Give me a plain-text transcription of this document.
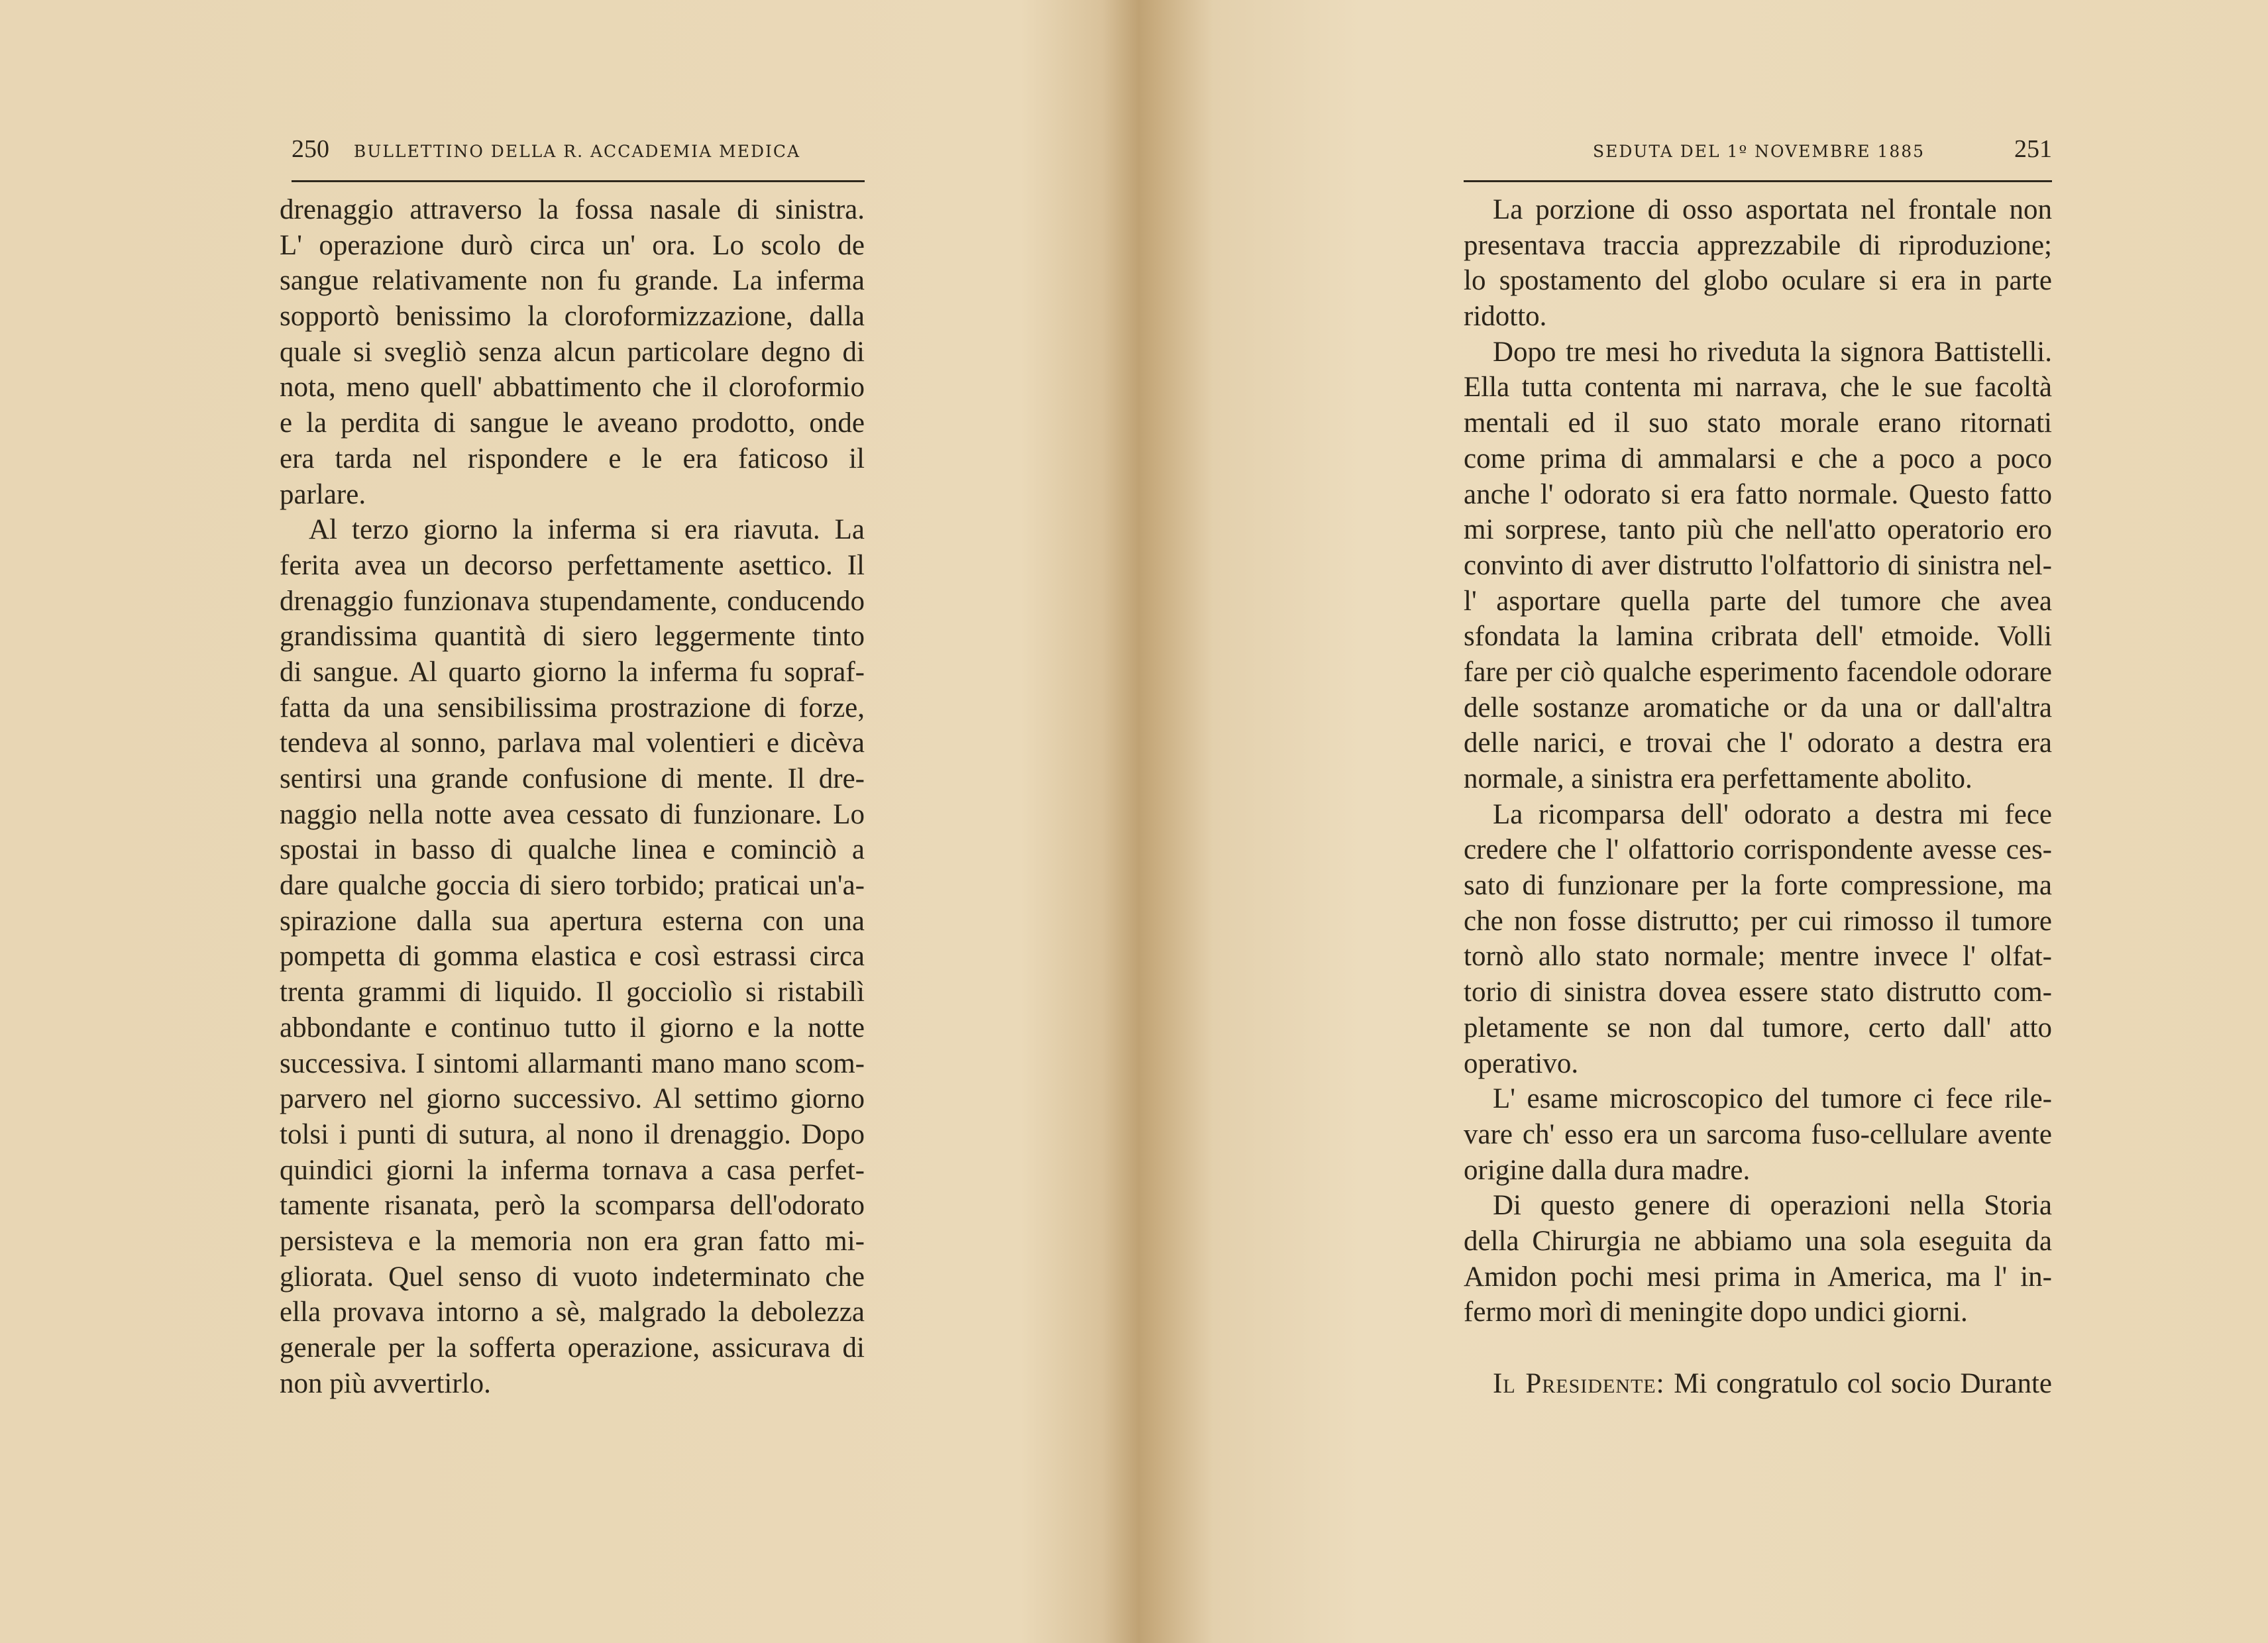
250	BULLETTINO DELLA R. ACCADEMIA MEDICA
drenaggio attraverso la fossa nasale di sinistra.
L' operazione durò circa un' ora. Lo scolo de
sangue relativamente non fu grande. La inferma
sopportò benissimo la cloroformizzazione, dalla
quale si svegliò senza alcun particolare degno di
nota, meno quell' abbattimento che il cloroformio
e la perdita di sangue le aveano prodotto, onde
era tarda nel rispondere e le era faticoso il
parlare.
Al terzo giorno la inferma si era riavuta. La
ferita avea un decorso perfettamente asettico. Il
drenaggio funzionava stupendamente, conducendo
grandissima quantità di siero leggermente tinto
di sangue. Al quarto giorno la inferma fu sopraf-
fatta da una sensibilissima prostrazione di forze,
tendeva al sonno, parlava mal volentieri e dicèva
sentirsi una grande confusione di mente. Il dre-
naggio nella notte avea cessato di funzionare. Lo
spostai in basso di qualche linea e cominciò a
dare qualche goccia di siero torbido; praticai un'a-
spirazione dalla sua apertura esterna con una
pompetta di gomma elastica e così estrassi circa
trenta grammi di liquido. Il gocciolìo si ristabilì
abbondante e continuo tutto il giorno e la notte
successiva. I sintomi allarmanti mano mano scom-
parvero nel giorno successivo. Al settimo giorno
tolsi i punti di sutura, al nono il drenaggio. Dopo
quindici giorni la inferma tornava a casa perfet-
tamente risanata, però la scomparsa dell'odorato
persisteva e la memoria non era gran fatto mi-
gliorata. Quel senso di vuoto indeterminato che
ella provava intorno a sè, malgrado la debolezza
generale per la sofferta operazione, assicurava di
non più avvertirlo.
SEDUTA DEL 1º NOVEMBRE 1885	251
La porzione di osso asportata nel frontale non
presentava traccia apprezzabile di riproduzione;
lo spostamento del globo oculare si era in parte
ridotto.
Dopo tre mesi ho riveduta la signora Battistelli.
Ella tutta contenta mi narrava, che le sue facoltà
mentali ed il suo stato morale erano ritornati
come prima di ammalarsi e che a poco a poco
anche l' odorato si era fatto normale. Questo fatto
mi sorprese, tanto più che nell'atto operatorio ero
convinto di aver distrutto l'olfattorio di sinistra nel-
l' asportare quella parte del tumore che avea
sfondata la lamina cribrata dell' etmoide. Volli
fare per ciò qualche esperimento facendole odorare
delle sostanze aromatiche or da una or dall'altra
delle narici, e trovai che l' odorato a destra era
normale, a sinistra era perfettamente abolito.
La ricomparsa dell' odorato a destra mi fece
credere che l' olfattorio corrispondente avesse ces-
sato di funzionare per la forte compressione, ma
che non fosse distrutto; per cui rimosso il tumore
tornò allo stato normale; mentre invece l' olfat-
torio di sinistra dovea essere stato distrutto com-
pletamente se non dal tumore, certo dall' atto
operativo.
L' esame microscopico del tumore ci fece rile-
vare ch' esso era un sarcoma fuso-cellulare avente
origine dalla dura madre.
Di questo genere di operazioni nella Storia
della Chirurgia ne abbiamo una sola eseguita da
Amidon pochi mesi prima in America, ma l' in-
fermo morì di meningite dopo undici giorni.
Il Presidente: Mi congratulo col socio Durante
